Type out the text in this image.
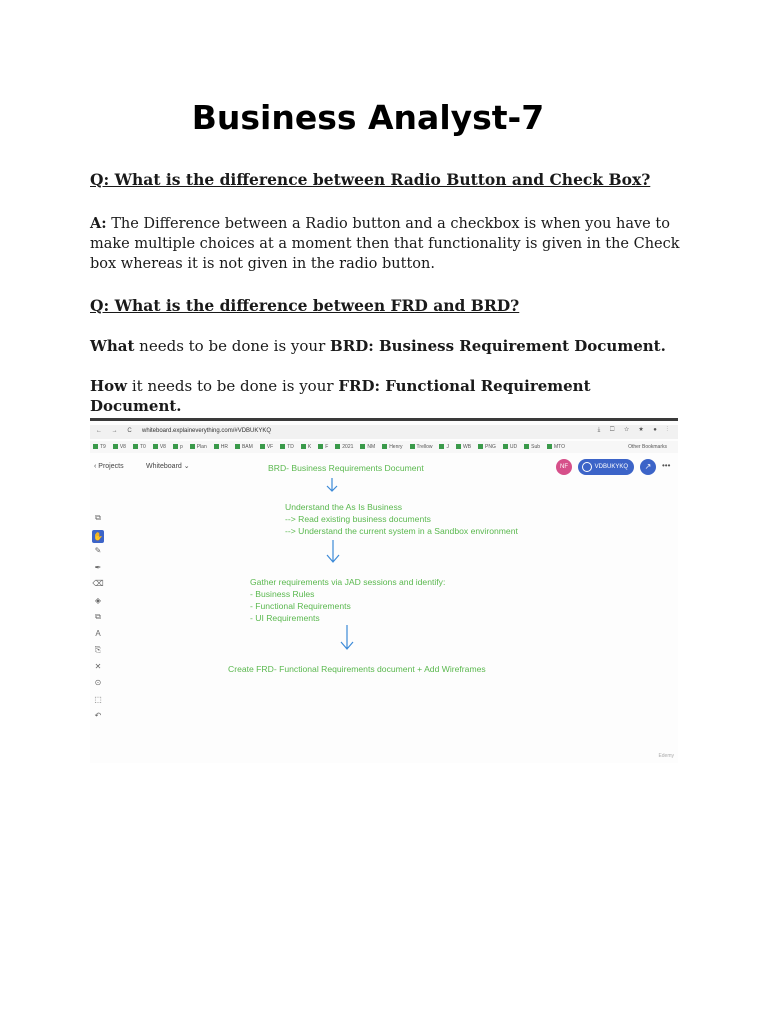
Business Analyst-7

Q: What is the difference between Radio Button and Check Box?

A: The Difference between a Radio button and a checkbox is when you have to make multiple choices at a moment then that functionality is given in the Check box whereas it is not given in the radio button.

Q: What is the difference between FRD and BRD?

What needs to be done is your BRD: Business Requirement Document.

How it needs to be done is your FRD: Functional Requirement Document.

← → C whiteboard.explaineverything.com/#VDBUKYKQ	⤓ ☐ ☆ ★ ● ⋮
T9	V8	T0	V8	p	Plan	HR	BAM	VF	TD	K	F	2021	NM	Henry	Trellow	J	WB	PNG	UD	Sub	MTO	Other Bookmarks
‹ Projects	Whiteboard ⌄	NF	VDBUKYKQ	↗	•••
⧉
✋
✎
✒
⌫
◈
⧉
A
⎘
✕
⊙
⬚
↶
BRD- Business Requirements Document
Understand the As Is Business
--> Read existing business documents
--> Understand the current system in a Sandbox environment
Gather requirements via JAD sessions and identify:
- Business Rules
- Functional Requirements
- UI Requirements
Create FRD- Functional Requirements document + Add Wireframes
Edemy
